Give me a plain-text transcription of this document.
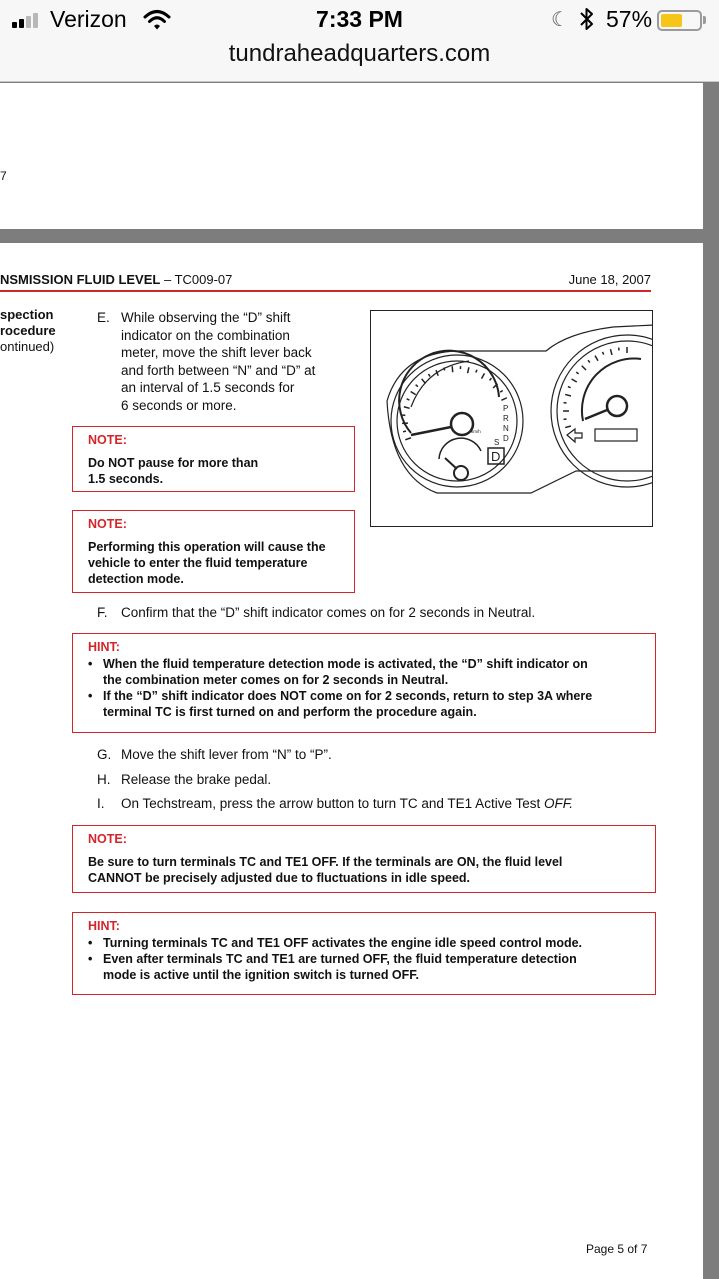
Verizon	7:33 PM	☾ 57%
tundraheadquarters.com
7
NSMISSION FLUID LEVEL – TC009-07	June 18, 2007
spection
rocedure
ontinued)
E. While observing the “D” shift
indicator on the combination
meter, move the shift lever back
and forth between “N” and “D” at
an interval of 1.5 seconds for
6 seconds or more.
NOTE:
Do NOT pause for more than
1.5 seconds.
NOTE:
Performing this operation will cause the
vehicle to enter the fluid temperature
detection mode.
P
R
N
D
S
D
km/h
F. Confirm that the “D” shift indicator comes on for 2 seconds in Neutral.
HINT:
• When the fluid temperature detection mode is activated, the “D” shift indicator on
the combination meter comes on for 2 seconds in Neutral.
• If the “D” shift indicator does NOT come on for 2 seconds, return to step 3A where
terminal TC is first turned on and perform the procedure again.
G. Move the shift lever from “N” to “P”.
H. Release the brake pedal.
I. On Techstream, press the arrow button to turn TC and TE1 Active Test OFF.
NOTE:
Be sure to turn terminals TC and TE1 OFF. If the terminals are ON, the fluid level
CANNOT be precisely adjusted due to fluctuations in idle speed.
HINT:
• Turning terminals TC and TE1 OFF activates the engine idle speed control mode.
• Even after terminals TC and TE1 are turned OFF, the fluid temperature detection
mode is active until the ignition switch is turned OFF.
Page 5 of 7
